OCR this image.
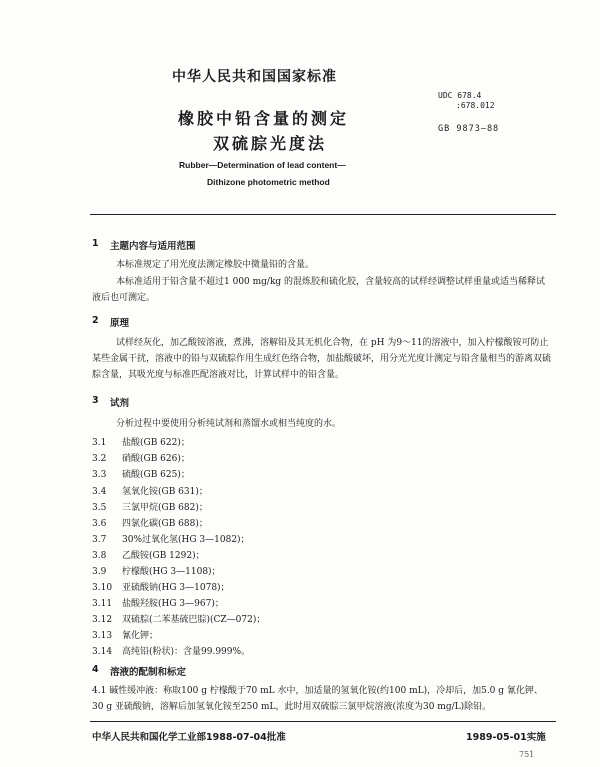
中华人民共和国国家标准
橡胶中铅含量的测定
双硫腙光度法
UDC 678.4
:678.012
GB 9873—88
Rubber—Determination of lead content—
Dithizone photometric method
1 主题内容与适用范围
本标准规定了用光度法测定橡胶中微量铅的含量。
本标准适用于铅含量不超过1 000 mg/kg 的混炼胶和硫化胶，含量较高的试样经调整试样重量或适当稀释试液后也可测定。
2 原理
试样经灰化，加乙酸铵溶液，煮沸，溶解铅及其无机化合物，在 pH 为9～11的溶液中，加入柠檬酸铵可防止某些金属干扰，溶液中的铅与双硫腙作用生成红色络合物，加盐酸破坏，用分光光度计测定与铅含量相当的游离双硫腙含量，其吸光度与标准匹配溶液对比，计算试样中的铅含量。
3 试剂
分析过程中要使用分析纯试剂和蒸馏水或相当纯度的水。
3.1 盐酸(GB 622)；
3.2 硝酸(GB 626)；
3.3 硫酸(GB 625)；
3.4 氢氧化铵(GB 631)；
3.5 三氯甲烷(GB 682)；
3.6 四氯化碳(GB 688)；
3.7 30%过氧化氢(HG 3—1082)；
3.8 乙酸铵(GB 1292)；
3.9 柠檬酸(HG 3—1108)；
3.10 亚硫酸钠(HG 3—1078)；
3.11 盐酸羟胺(HG 3—967)；
3.12 双硫腙(二苯基硫巴腙)(CZ—072)；
3.13 氰化钾；
3.14 高纯铅(粉状)：含量99.999%。
4 溶液的配制和标定
4.1 碱性缓冲液：称取100 g 柠檬酸于70 mL 水中，加适量的氢氧化铵(约100 mL)，冷却后，加5.0 g 氰化钾、30 g 亚硫酸钠，溶解后加氢氧化铵至250 mL，此时用双硫腙三氯甲烷溶液(浓度为30 mg/L)除铅。
中华人民共和国化学工业部1988-07-04批准	1989-05-01实施
751
